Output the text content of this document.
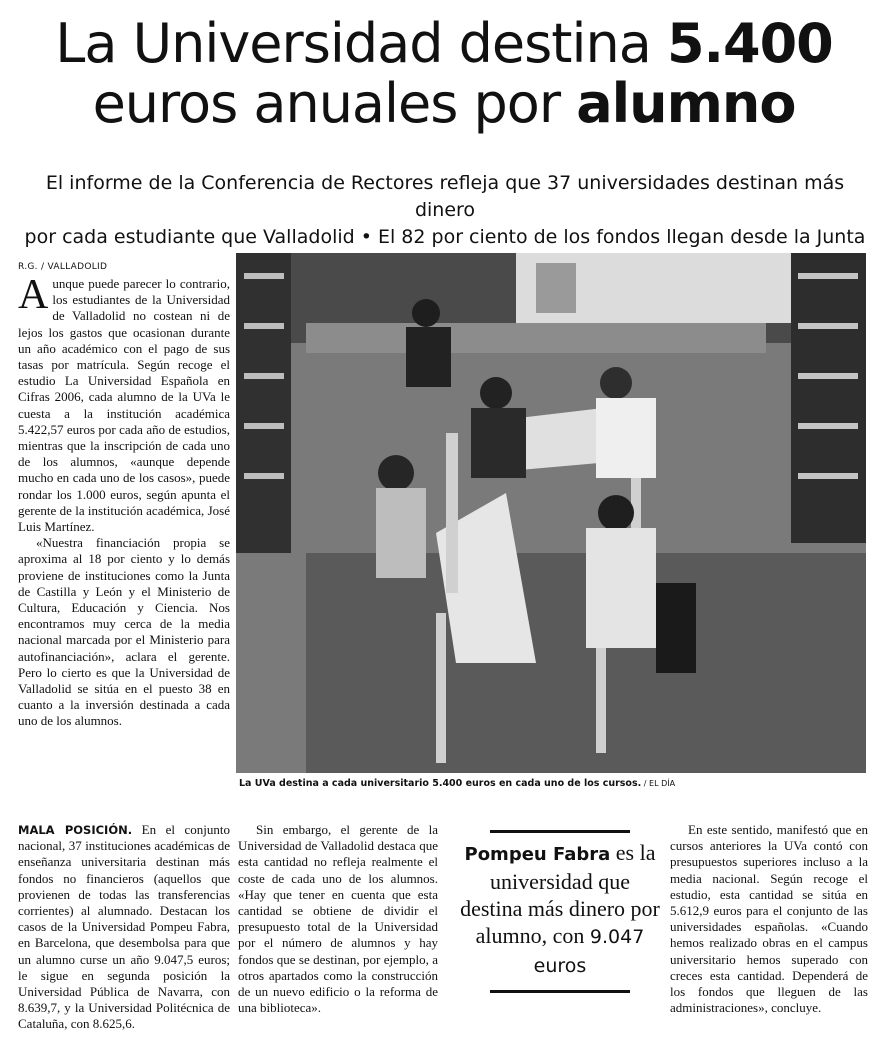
La Universidad destina 5.400
euros anuales por alumno
El informe de la Conferencia de Rectores refleja que 37 universidades destinan más dinero
por cada estudiante que Valladolid • El 82 por ciento de los fondos llegan desde la Junta
R.G. / VALLADOLID

Aunque puede parecer lo contrario, los estudiantes de la Universidad de Valladolid no costean ni de lejos los gastos que ocasionan durante un año académico con el pago de sus tasas por matrícula. Según recoge el estudio La Universidad Española en Cifras 2006, cada alumno de la UVa le cuesta a la institución académica 5.422,57 euros por cada año de estudios, mientras que la inscripción de cada uno de los alumnos, «aunque depende mucho en cada uno de los casos», puede rondar los 1.000 euros, según apunta el gerente de la institución académica, José Luis Martínez.

«Nuestra financiación propia se aproxima al 18 por ciento y lo demás proviene de instituciones como la Junta de Castilla y León y el Ministerio de Cultura, Educación y Ciencia. Nos encontramos muy cerca de la media nacional marcada por el Ministerio para autofinanciación», aclara el gerente. Pero lo cierto es que la Universidad de Valladolid se sitúa en el puesto 38 en cuanto a la inversión destinada a cada uno de los alumnos.

La UVa destina a cada universitario 5.400 euros en cada uno de los cursos. / EL DÍA

MALA POSICIÓN. En el conjunto nacional, 37 instituciones académicas de enseñanza universitaria destinan más fondos no financieros (aquellos que provienen de todas las transferencias corrientes) al alumnado. Destacan los casos de la Universidad Pompeu Fabra, en Barcelona, que desembolsa para que un alumno curse un año 9.047,5 euros; le sigue en segunda posición la Universidad Pública de Navarra, con 8.639,7, y la Universidad Politécnica de Cataluña, con 8.625,6.

Sin embargo, el gerente de la Universidad de Valladolid destaca que esta cantidad no refleja realmente el coste de cada uno de los alumnos. «Hay que tener en cuenta que esta cantidad se obtiene de dividir el presupuesto total de la Universidad por el número de alumnos y hay fondos que se destinan, por ejemplo, a otros apartados como la construcción de un nuevo edificio o la reforma de una biblioteca».

Pompeu Fabra es la universidad que destina más dinero por alumno, con 9.047 euros

En este sentido, manifestó que en cursos anteriores la UVa contó con presupuestos superiores incluso a la media nacional. Según recoge el estudio, esta cantidad se sitúa en 5.612,9 euros para el conjunto de las universidades españolas. «Cuando hemos realizado obras en el campus universitario hemos superado con creces esta cantidad. Dependerá de los fondos que lleguen de las administraciones», concluye.
